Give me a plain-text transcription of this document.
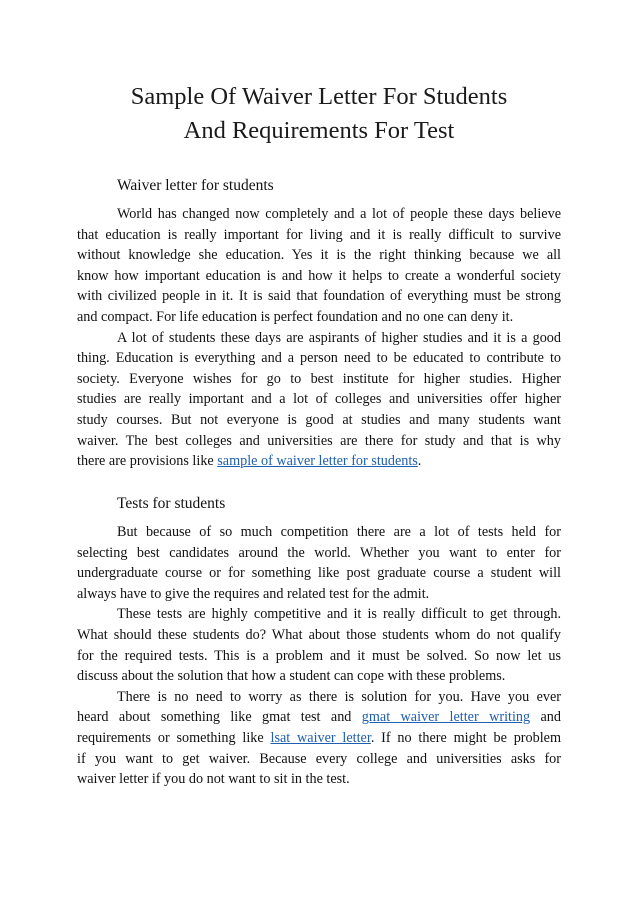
Sample Of Waiver Letter For Students
And Requirements For Test
Waiver letter for students
World has changed now completely and a lot of people these days believe
that education is really important for living and it is really difficult to survive
without knowledge she education. Yes it is the right thinking because we all
know how important education is and how it helps to create a wonderful society
with civilized people in it. It is said that foundation of everything must be strong
and compact. For life education is perfect foundation and no one can deny it.
A lot of students these days are aspirants of higher studies and it is a good
thing. Education is everything and a person need to be educated to contribute to
society. Everyone wishes for go to best institute for higher studies. Higher
studies are really important and a lot of colleges and universities offer higher
study courses. But not everyone is good at studies and many students want
waiver. The best colleges and universities are there for study and that is why
there are provisions like sample of waiver letter for students.
Tests for students
But because of so much competition there are a lot of tests held for
selecting best candidates around the world. Whether you want to enter for
undergraduate course or for something like post graduate course a student will
always have to give the requires and related test for the admit.
These tests are highly competitive and it is really difficult to get through.
What should these students do? What about those students whom do not qualify
for the required tests. This is a problem and it must be solved. So now let us
discuss about the solution that how a student can cope with these problems.
There is no need to worry as there is solution for you. Have you ever
heard about something like gmat test and gmat waiver letter writing and
requirements or something like lsat waiver letter. If no there might be problem
if you want to get waiver. Because every college and universities asks for
waiver letter if you do not want to sit in the test.
